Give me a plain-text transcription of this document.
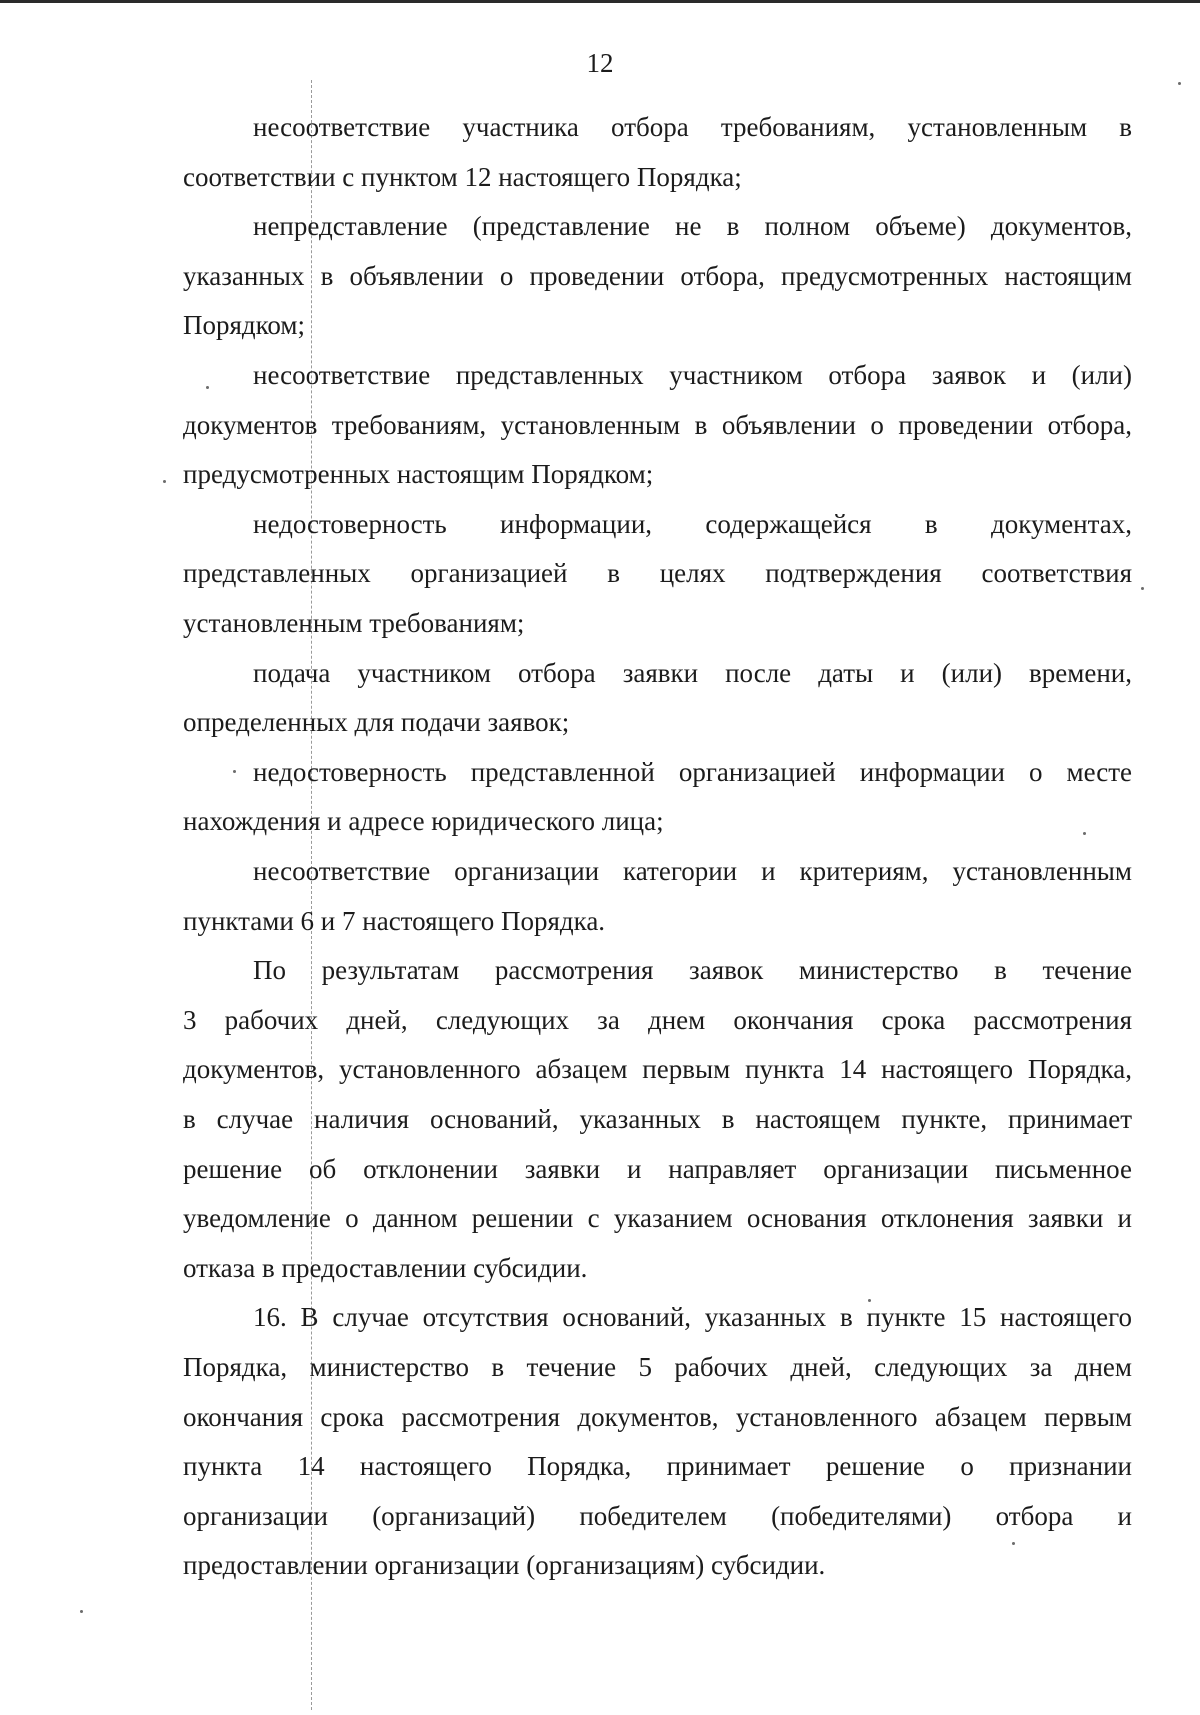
12
несоответствие участника отбора требованиям, установленным в
соответствии с пунктом 12 настоящего Порядка;
непредставление (представление не в полном объеме) документов,
указанных в объявлении о проведении отбора, предусмотренных настоящим
Порядком;
несоответствие представленных участником отбора заявок и (или)
документов требованиям, установленным в объявлении о проведении отбора,
предусмотренных настоящим Порядком;
недостоверность информации, содержащейся в документах,
представленных организацией в целях подтверждения соответствия
установленным требованиям;
подача участником отбора заявки после даты и (или) времени,
определенных для подачи заявок;
недостоверность представленной организацией информации о месте
нахождения и адресе юридического лица;
несоответствие организации категории и критериям, установленным
пунктами 6 и 7 настоящего Порядка.
По результатам рассмотрения заявок министерство в течение
3 рабочих дней, следующих за днем окончания срока рассмотрения
документов, установленного абзацем первым пункта 14 настоящего Порядка,
в случае наличия оснований, указанных в настоящем пункте, принимает
решение об отклонении заявки и направляет организации письменное
уведомление о данном решении с указанием основания отклонения заявки и
отказа в предоставлении субсидии.
16. В случае отсутствия оснований, указанных в пункте 15 настоящего
Порядка, министерство в течение 5 рабочих дней, следующих за днем
окончания срока рассмотрения документов, установленного абзацем первым
пункта 14 настоящего Порядка, принимает решение о признании
организации (организаций) победителем (победителями) отбора и
предоставлении организации (организациям) субсидии.
